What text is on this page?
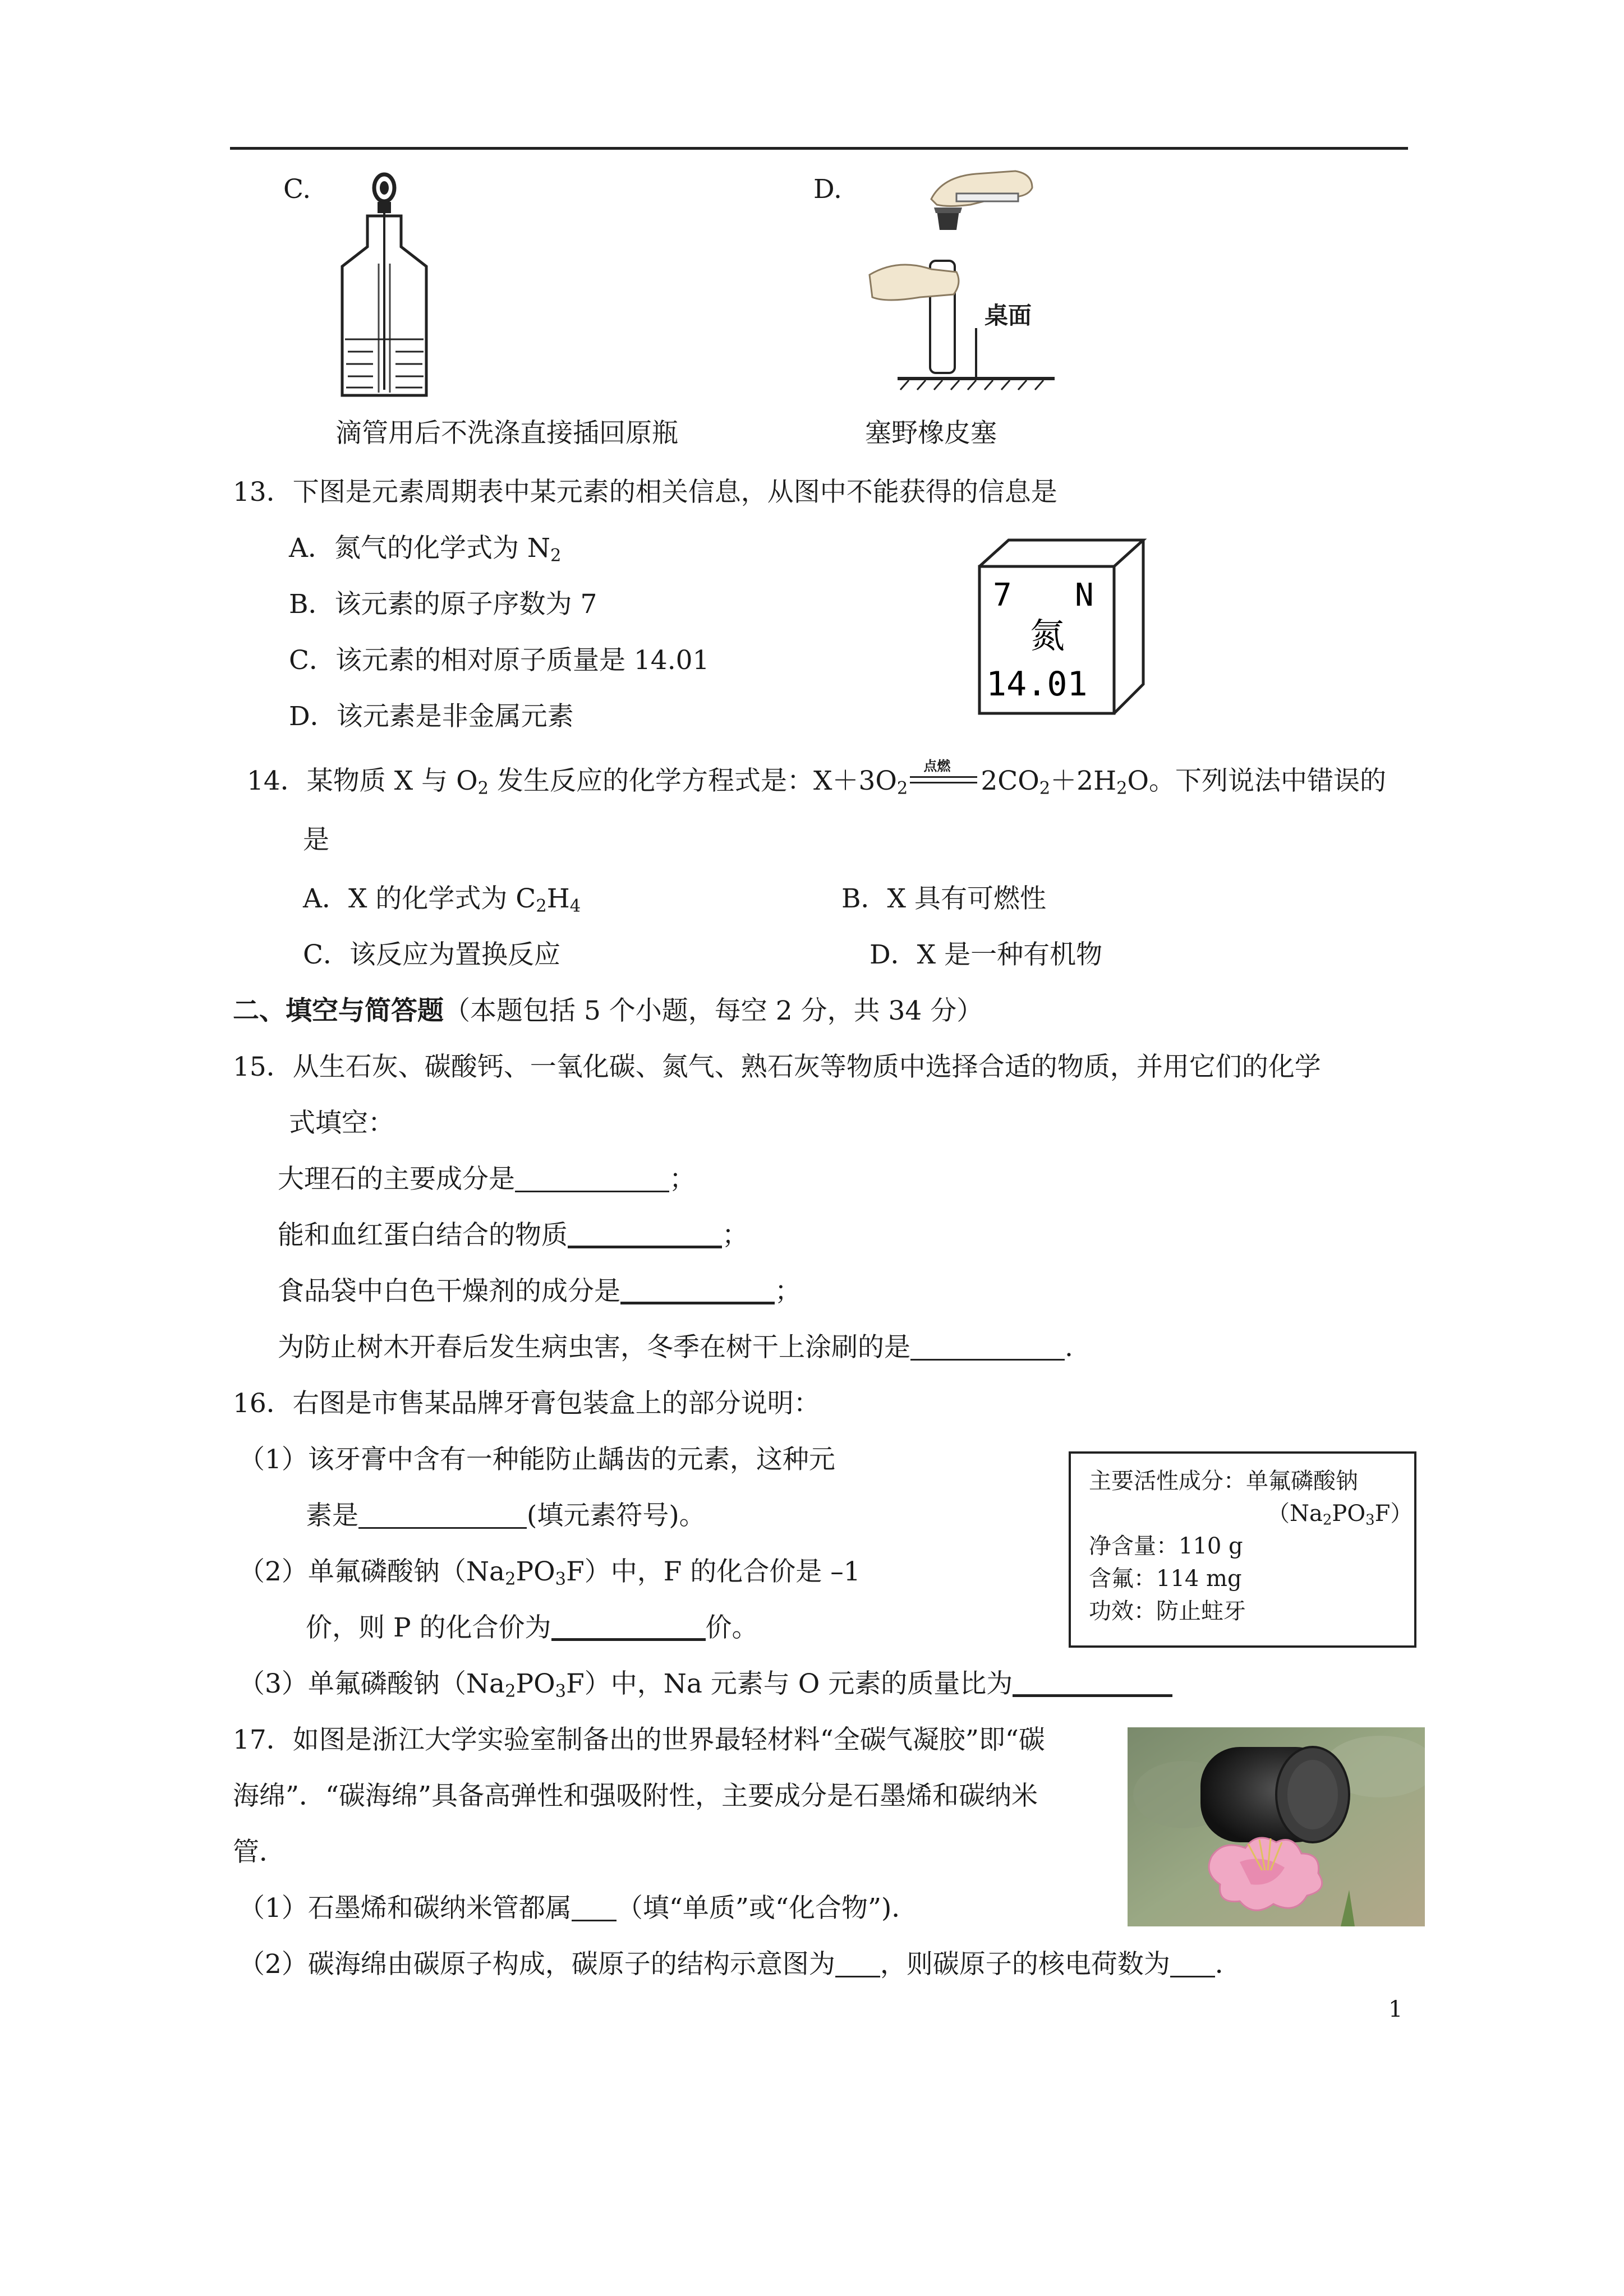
C.
滴管用后不洗涤直接插回原瓶
D.
桌面
塞野橡皮塞
13．下图是元素周期表中某元素的相关信息，从图中不能获得的信息是
A．氮气的化学式为 $N_2$
B．该元素的原子序数为 7
C．该元素的相对原子质量是 14.01
D．该元素是非金属元素
7 N
氮
14.01
14．某物质 X 与 $O_2$ 发生反应的化学方程式是：$X+3O_2$
点燃 $2CO_2+2H_2O$。下列说法中错误的
是
A．X 的化学式为 $C_2H_4$	B．X 具有可燃性
C．该反应为置换反应	D．X 是一种有机物
二、填空与简答题（本题包括 5 个小题，每空 2 分，共 34 分）
15．从生石灰、碳酸钙、一氧化碳、氮气、熟石灰等物质中选择合适的物质，并用它们的化学
式填空：
大理石的主要成分是	；
能和血红蛋白结合的物质	；
食品袋中白色干燥剂的成分是	；
为防止树木开春后发生病虫害，冬季在树干上涂刷的是	.
16．右图是市售某品牌牙膏包装盒上的部分说明：
（1）该牙膏中含有一种能防止龋齿的元素，这种元
素是	(填元素符号)。
（2）单氟磷酸钠$(Na_2PO_3F)$中，F 的化合价是 –1
价，则 P 的化合价为	价。
（3）单氟磷酸钠$(Na_2PO_3F)$中，Na 元素与 O 元素的质量比为
主要活性成分：单氟磷酸钠
$(Na_2PO_3F)$
净含量：110 g
含氟：114 mg
功效：防止蛀牙
17．如图是浙江大学实验室制备出的世界最轻材料“全碳气凝胶”即“碳
海绵”．“碳海绵”具备高弹性和强吸附性，主要成分是石墨烯和碳纳米
管．
（1）石墨烯和碳纳米管都属 （填“单质”或“化合物”)．
（2）碳海绵由碳原子构成，碳原子的结构示意图为 ，则碳原子的核电荷数为 ．
1
